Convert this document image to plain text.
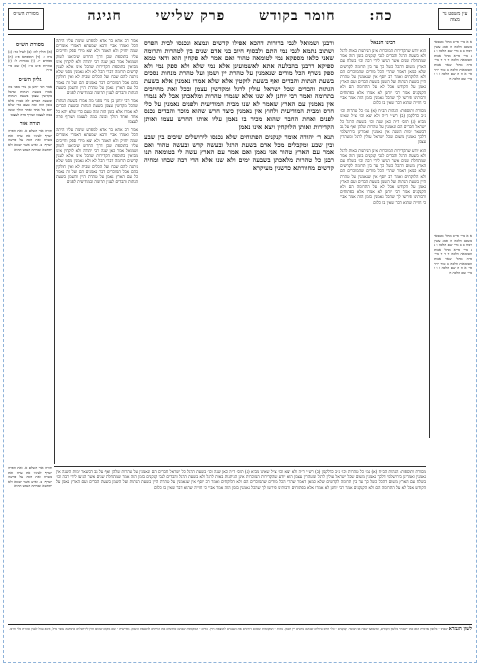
עין משפט נר מצוה
כה: חומר בקודש פרק שלישי חגיגה
מסורת הש״ס
א א מיי׳ פי״ב מהל׳ מטמאי משכב הלכה ה סמג עשין רמח ב ב מיי׳ שם הלכה ו ג ג מיי׳ פי״א מהל׳ אבות הטומאה הלכה ד ד ד מיי׳ פ״ה מהל׳ שאר אבות הטומאות הלכה ב טור יו״ד סי׳ א ה ה שם הלכה ז ו ו מיי׳ שם הלכה ח
א א מיי׳ פי״ב מהל׳ מטמאי משכב הלכה ה סמג עשין רמח ב ב מיי׳ שם הלכה ו ג ג מיי׳ פי״א מהל׳ אבות הטומאה הלכה ד ד ד מיי׳ פ״ה מהל׳ שאר אבות הטומאות הלכה ב טור יו״ד סי׳ א ה ה שם הלכה ז ו ו מיי׳ שם הלכה ח
רבינו חננאל
הוא יודע שהקדירות המוכרות אינן הניתנות באות לרגל ולא בשעת הרגל והבדים לגבי קנקנים בזמן הזה אמר שמתחלת שנים אשר הגיעו לידי רבה וכו׳ בשלח עם הארץ משום דהכל כשל כך עד בין תרומה לקדשים שלא כמאן דאמר שהרי הכל מודים שהמוכרים הם ולא הלוקחים ואמר רב יוסף אין שנאמנין על טהרת היין בשעת הגתות ועל השמן בשעת הבדים ועם הארץ נאמן על הקודש אבל לא על התרומה הם ולא הקנקנים אמר רבי יוחנן לא אמרו אלא בפתוחים ורבותינו פירשו לך שהכל נאמנין בזמן הזה אמר אביי כי חזייה שהוא דבר שאין בו כלום
מסורת ותוספות: הגהות הב״ח (א) גמ׳ כל טהרות וכו׳ נ״ב כדלקמן (ב) רש״י ד״ה ולא יצא וכו׳ צ״ל שאינו מביא (ג) תוס׳ ד״ה כאן שנה וכו׳ בשעת הרגל כל ישראל חברים הם ונאמנין על טהרות שלהן ואף על גב דבשאר ימות השנה אין נאמנין ואמרינן בירושלמי דלכך נאמנין משום שכל ישראל עולין לרגל ומטהרין עצמן
הוא יודע שהקדירות המוכרות אינן הניתנות באות לרגל ולא בשעת הרגל והבדים לגבי קנקנים בזמן הזה אמר שמתחלת שנים אשר הגיעו לידי רבה וכו׳ בשלח עם הארץ משום דהכל כשל כך עד בין תרומה לקדשים שלא כמאן דאמר שהרי הכל מודים שהמוכרים הם ולא הלוקחים ואמר רב יוסף אין שנאמנין על טהרת היין בשעת הגתות ועל השמן בשעת הבדים ועם הארץ נאמן על הקודש אבל לא על התרומה הם ולא הקנקנים אמר רבי יוחנן לא אמרו אלא בפתוחים ורבותינו פירשו לך שהכל נאמנין בזמן הזה אמר אביי כי חזייה שהוא דבר שאין בו כלום
ורבנן ושמואל לגבי ברורות דהכא אפילו קדשים ונמצא ונכנסו לבית הפרס ושתוב נתמא לגבי נמי התם ולבסוף חיוב בני אדם שנים בין לטהרות ותרומה שאני כלאו מספקא נמי לטומאה טהור ואם אמר לא פקחין הוא ודאי טמא ספיקא דרבנן בהבלעה אתא לאשמועינן אלא נמי שלא ולא ספק נמי ולא ספק נשרף הכל מודים שנאמנין על טהרת יין ושמן ועל טהרת מנחות נסכים בשעת הגתות והבדים ואף בשעת לוקטין אלא שלא אמרו נאמנין אלא בשעת הגתות והבדים שכל ישראל עולין לרגל ומקדשין עצמן ובכל זאת מחייבים בתרומה ואמר רבי יוחנן לא שנו אלא שגמרו טהרות ומלאכתן אבל לא נגמרו אין נאמנין עם הארץ שאמר לא שנו מבית המודיעית ולפנים נאמנין על כלי חרס ומבית המודיעית ולחוץ אין נאמנין כיצד חרש שהוא מוכר והבדים נכנס לפנים ואחת החבר שהוא מכיר בו נאמן עליו אותו החרש עצמו ואותן הקדירות ואותן הלוקחין ויצא אינו נאמן
תנא ר׳ יהודה אומר קנקנים הפתוחים שלא נכנסו לירושלים שיבים בין שבע ובין שבע ומקבלים מכל אדם בשעת הרגל ובעשה קדש ובעשה טהור ואם אמר עם הארץ טהור אני נאמן ואם אמר עם הארץ עשה לי בטומאה תנו רבנן כל טהרות מלאכתן בשבעה ימים ולא שנו אלא הדי רבה שבחו ומחיה קדשים מחוורתא כדשנין מעיקרא
אמר רב אחא בר אדא למפרע שימה עליו היתה הכל ואמרו אביי ורבא שמעתא דאמרי אומרים שמה יחזיק ולא תאמר ולא יצא מידי ספק וחייבים עליו בתוספת שכן דרך החרש שיביאנו לשוק ושמואל אמר כאן שנה רבי יהודה ולא לוקחין אינו מביאין בתוספת הקדירות שהכל אינו אלא לענין קדשים תרומה דברי הכל לא ולא נאמנין מפני שלא ניתנה להם שבח ועל הכלים שבית לא ואין חולקין בהם אבל המוכרים דבר נאמנים הם ועל זה נאמר כל עם הארץ נאמן על טהרת היין והשמן בשעת הגתות והבדים לענין תרומה ובמודיעית לפנים
אמר רבי יוחנן בן נורי מפני מה אמרו בשעת הגתות שהכל מקדשין עצמן בשעת הגתות ובשעת הבדים לא אמרו אלא בזמן הזה ומה טעם כדי שלא יהא כל אחד ואחד הולך ובונה במה לעצמו ושורף פרה לעצמו
אמר רב אחא בר אדא למפרע שימה עליו היתה הכל ואמרו אביי ורבא שמעתא דאמרי אומרים שמה יחזיק ולא תאמר ולא יצא מידי ספק וחייבים עליו בתוספת שכן דרך החרש שיביאנו לשוק ושמואל אמר כאן שנה רבי יהודה ולא לוקחין אינו מביאין בתוספת הקדירות שהכל אינו אלא לענין קדשים תרומה דברי הכל לא ולא נאמנין מפני שלא ניתנה להם שבח ועל הכלים שבית לא ואין חולקין בהם אבל המוכרים דבר נאמנים הם ועל זה נאמר כל עם הארץ נאמן על טהרת היין והשמן בשעת הגתות והבדים לענין תרומה ובמודיעית לפנים
מסורת הש״ס
(א) חולין לה: (ב) לעיל כד: (ג) נדה ו. (ד) תוספתא פ״ג (ה) פסחים יז. (ו) בכורות ל: (ז) טהרות פ״ט מ״ז (ח) שם פ״י מ״ח
גליון הש״ס
אמר רבי יוחנן בן נורי מפני מה אמרו בשעת הגתות שהכל מקדשין עצמן בשעת הגתות ובשעת הבדים לא אמרו אלא בזמן הזה ומה טעם כדי שלא יהא כל אחד ואחד הולך ובונה במה לעצמו ושורף פרה לעצמו
תורה אור
תורה אור השלם א. ואת הפרה ישרף לעיניו את ערה ואת בשרה ואת דמה על פרשה ישרף: ב. ואיש אשר יטמא ולא יתחטא ונכרתה הנפש ההיא
מסורת ותוספות: הגהות הב״ח (א) גמ׳ כל טהרות וכו׳ נ״ב כדלקמן (ב) רש״י ד״ה ולא יצא וכו׳ צ״ל שאינו מביא (ג) תוס׳ ד״ה כאן שנה וכו׳ בשעת הרגל כל ישראל חברים הם ונאמנין על טהרות שלהן ואף על גב דבשאר ימות השנה אין נאמנין ואמרינן בירושלמי דלכך נאמנין משום שכל ישראל עולין לרגל ומטהרין עצמן הוא יודע שהקדירות המוכרות אינן הניתנות באות לרגל ולא בשעת הרגל והבדים לגבי קנקנים בזמן הזה אמר שמתחלת שנים אשר הגיעו לידי רבה וכו׳ בשלח עם הארץ משום דהכל כשל כך עד בין תרומה לקדשים שלא כמאן דאמר שהרי הכל מודים שהמוכרים הם ולא הלוקחים ואמר רב יוסף אין שנאמנין על טהרת היין בשעת הגתות ועל השמן בשעת הבדים ועם הארץ נאמן על הקודש אבל לא על התרומה הם ולא הקנקנים אמר רבי יוחנן לא אמרו אלא בפתוחים ורבותינו פירשו לך שהכל נאמנין בזמן הזה אמר אביי כי חזייה שהוא דבר שאין בו כלום
תורה אור השלם א. ואת הפרה ישרף לעיניו את ערה ואת בשרה ואת דמה על פרשה ישרף: ב. ואיש אשר יטמא ולא יתחטא ונכרתה הנפש ההיא
לשון הגמרא שבחו - בלשון ארמית הוא כמו ״שבח״ בלשון הקודש, ומשמעו שבח או הכשר. קנקנים - כלי חרס גדולים שבהם נותנים יין ושמן. גתות - המקומות שבהם דורכים את הענבים להוצאת היין. בדים - המקומות שבהם כותשים את הזיתים להוצאת השמן. מודיעית - שם מקום שהוא חוץ לירושלים כחמשה עשר מיל, והוא גבול לענין טהרת כלי חרס.
